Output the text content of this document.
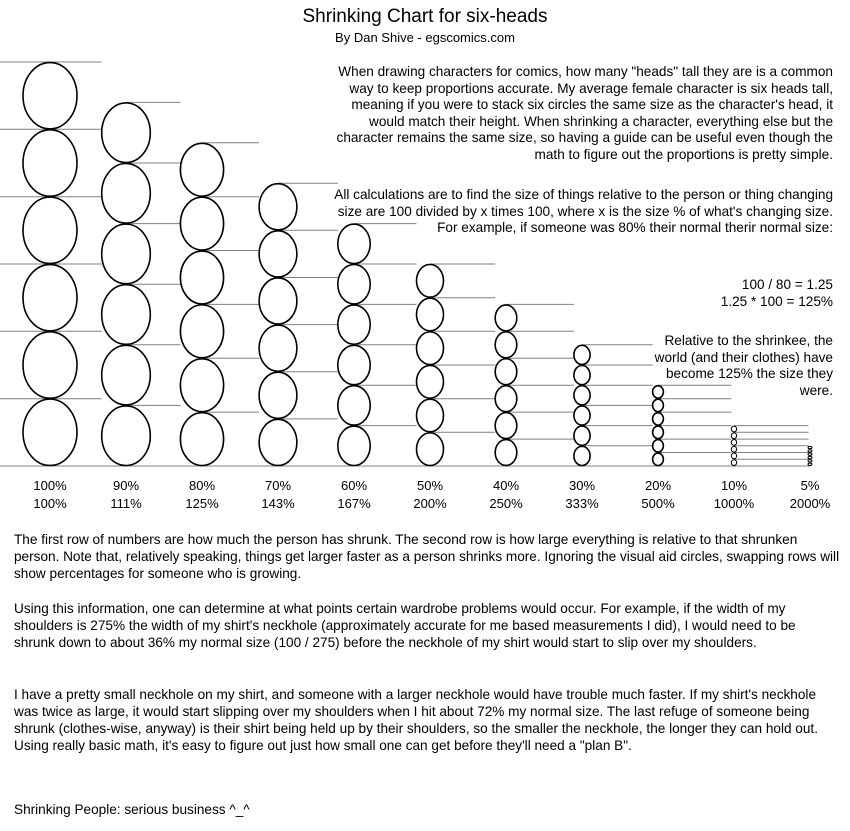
Shrinking Chart for six-heads
By Dan Shive - egscomics.com
100%
100%
90%
111%
80%
125%
70%
143%
60%
167%
50%
200%
40%
250%
30%
333%
20%
500%
10%
1000%
5%
2000%
When drawing characters for comics, how many "heads" tall they are is a common way to keep proportions accurate. My average female character is six heads tall, meaning if you were to stack six circles the same size as the character's head, it would match their height. When shrinking a character, everything else but the character remains the same size, so having a guide can be useful even though the math to figure out the proportions is pretty simple.
All calculations are to find the size of things relative to the person or thing changing size are 100 divided by x times 100, where x is the size % of what's changing size. For example, if someone was 80% their normal therir normal size:
100 / 80 = 1.25
1.25 * 100 = 125%
Relative to the shrinkee, the world (and their clothes) have become 125% the size they were.
The first row of numbers are how much the person has shrunk. The second row is how large everything is relative to that shrunken person. Note that, relatively speaking, things get larger faster as a person shrinks more. Ignoring the visual aid circles, swapping rows will show percentages for someone who is growing.
Using this information, one can determine at what points certain wardrobe problems would occur. For example, if the width of my shoulders is 275% the width of my shirt's neckhole (approximately accurate for me based measurements I did), I would need to be shrunk down to about 36% my normal size (100 / 275) before the neckhole of my shirt would start to slip over my shoulders.
I have a pretty small neckhole on my shirt, and someone with a larger neckhole would have trouble much faster. If my shirt's neckhole was twice as large, it would start slipping over my shoulders when I hit about 72% my normal size. The last refuge of someone being shrunk (clothes-wise, anyway) is their shirt being held up by their shoulders, so the smaller the neckhole, the longer they can hold out. Using really basic math, it's easy to figure out just how small one can get before they'll need a "plan B".
Shrinking People: serious business ^_^
